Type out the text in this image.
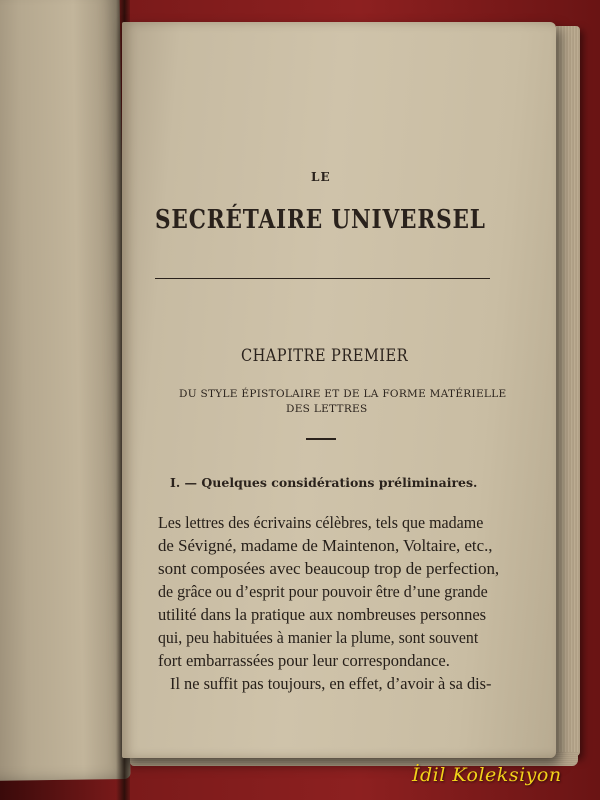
LE
SECRÉTAIRE UNIVERSEL
CHAPITRE PREMIER
DU STYLE ÉPISTOLAIRE ET DE LA FORME MATÉRIELLE
DES LETTRES
I. — Quelques considérations préliminaires.
Les lettres des écrivains célèbres, tels que madame
de Sévigné, madame de Maintenon, Voltaire, etc.,
sont composées avec beaucoup trop de perfection,
de grâce ou d’esprit pour pouvoir être d’une grande
utilité dans la pratique aux nombreuses personnes
qui, peu habituées à manier la plume, sont souvent
fort embarrassées pour leur correspondance.
Il ne suffit pas toujours, en effet, d’avoir à sa dis-
İdil Koleksiyon
